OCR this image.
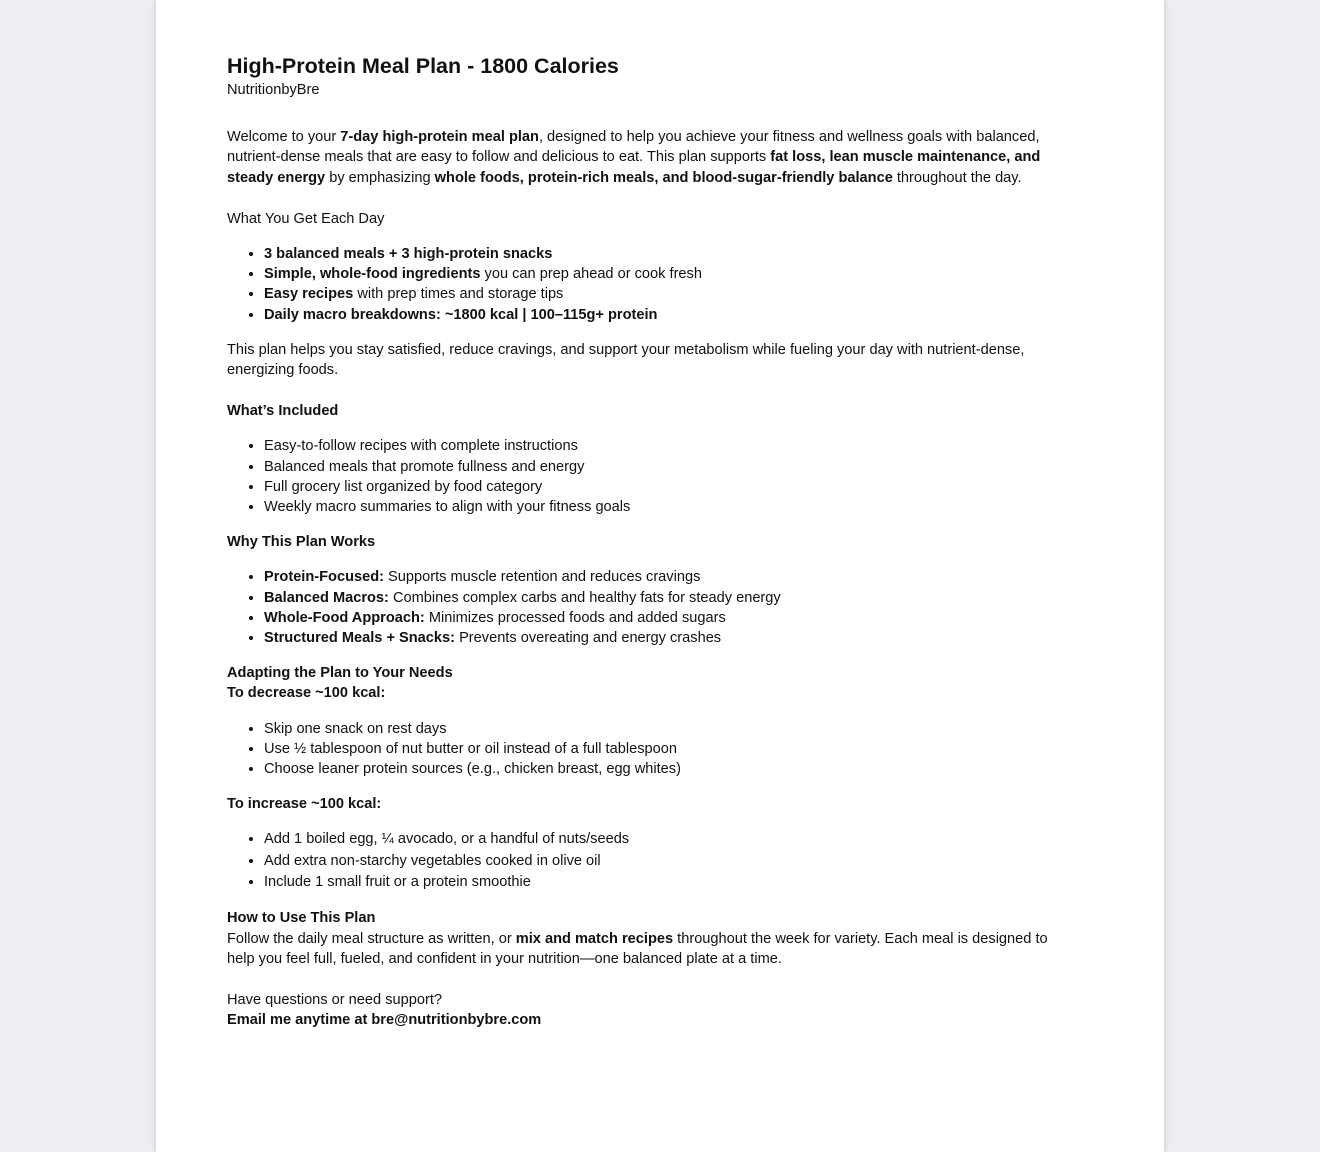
High-Protein Meal Plan - 1800 Calories

NutritionbyBre

Welcome to your 7-day high-protein meal plan, designed to help you achieve your fitness and wellness goals with balanced, nutrient-dense meals that are easy to follow and delicious to eat. This plan supports fat loss, lean muscle maintenance, and steady energy by emphasizing whole foods, protein-rich meals, and blood-sugar-friendly balance throughout the day.

What You Get Each Day

• 3 balanced meals + 3 high-protein snacks
• Simple, whole-food ingredients you can prep ahead or cook fresh
• Easy recipes with prep times and storage tips
• Daily macro breakdowns: ~1800 kcal | 100–115g+ protein

This plan helps you stay satisfied, reduce cravings, and support your metabolism while fueling your day with nutrient-dense, energizing foods.

What’s Included

• Easy-to-follow recipes with complete instructions
• Balanced meals that promote fullness and energy
• Full grocery list organized by food category
• Weekly macro summaries to align with your fitness goals

Why This Plan Works

• Protein-Focused: Supports muscle retention and reduces cravings
• Balanced Macros: Combines complex carbs and healthy fats for steady energy
• Whole-Food Approach: Minimizes processed foods and added sugars
• Structured Meals + Snacks: Prevents overeating and energy crashes

Adapting the Plan to Your Needs

To decrease ~100 kcal:

• Skip one snack on rest days
• Use ½ tablespoon of nut butter or oil instead of a full tablespoon
• Choose leaner protein sources (e.g., chicken breast, egg whites)

To increase ~100 kcal:

• Add 1 boiled egg, ¼ avocado, or a handful of nuts/seeds
• Add extra non-starchy vegetables cooked in olive oil
• Include 1 small fruit or a protein smoothie

How to Use This Plan

Follow the daily meal structure as written, or mix and match recipes throughout the week for variety. Each meal is designed to help you feel full, fueled, and confident in your nutrition—one balanced plate at a time.

Have questions or need support?

Email me anytime at bre@nutritionbybre.com
